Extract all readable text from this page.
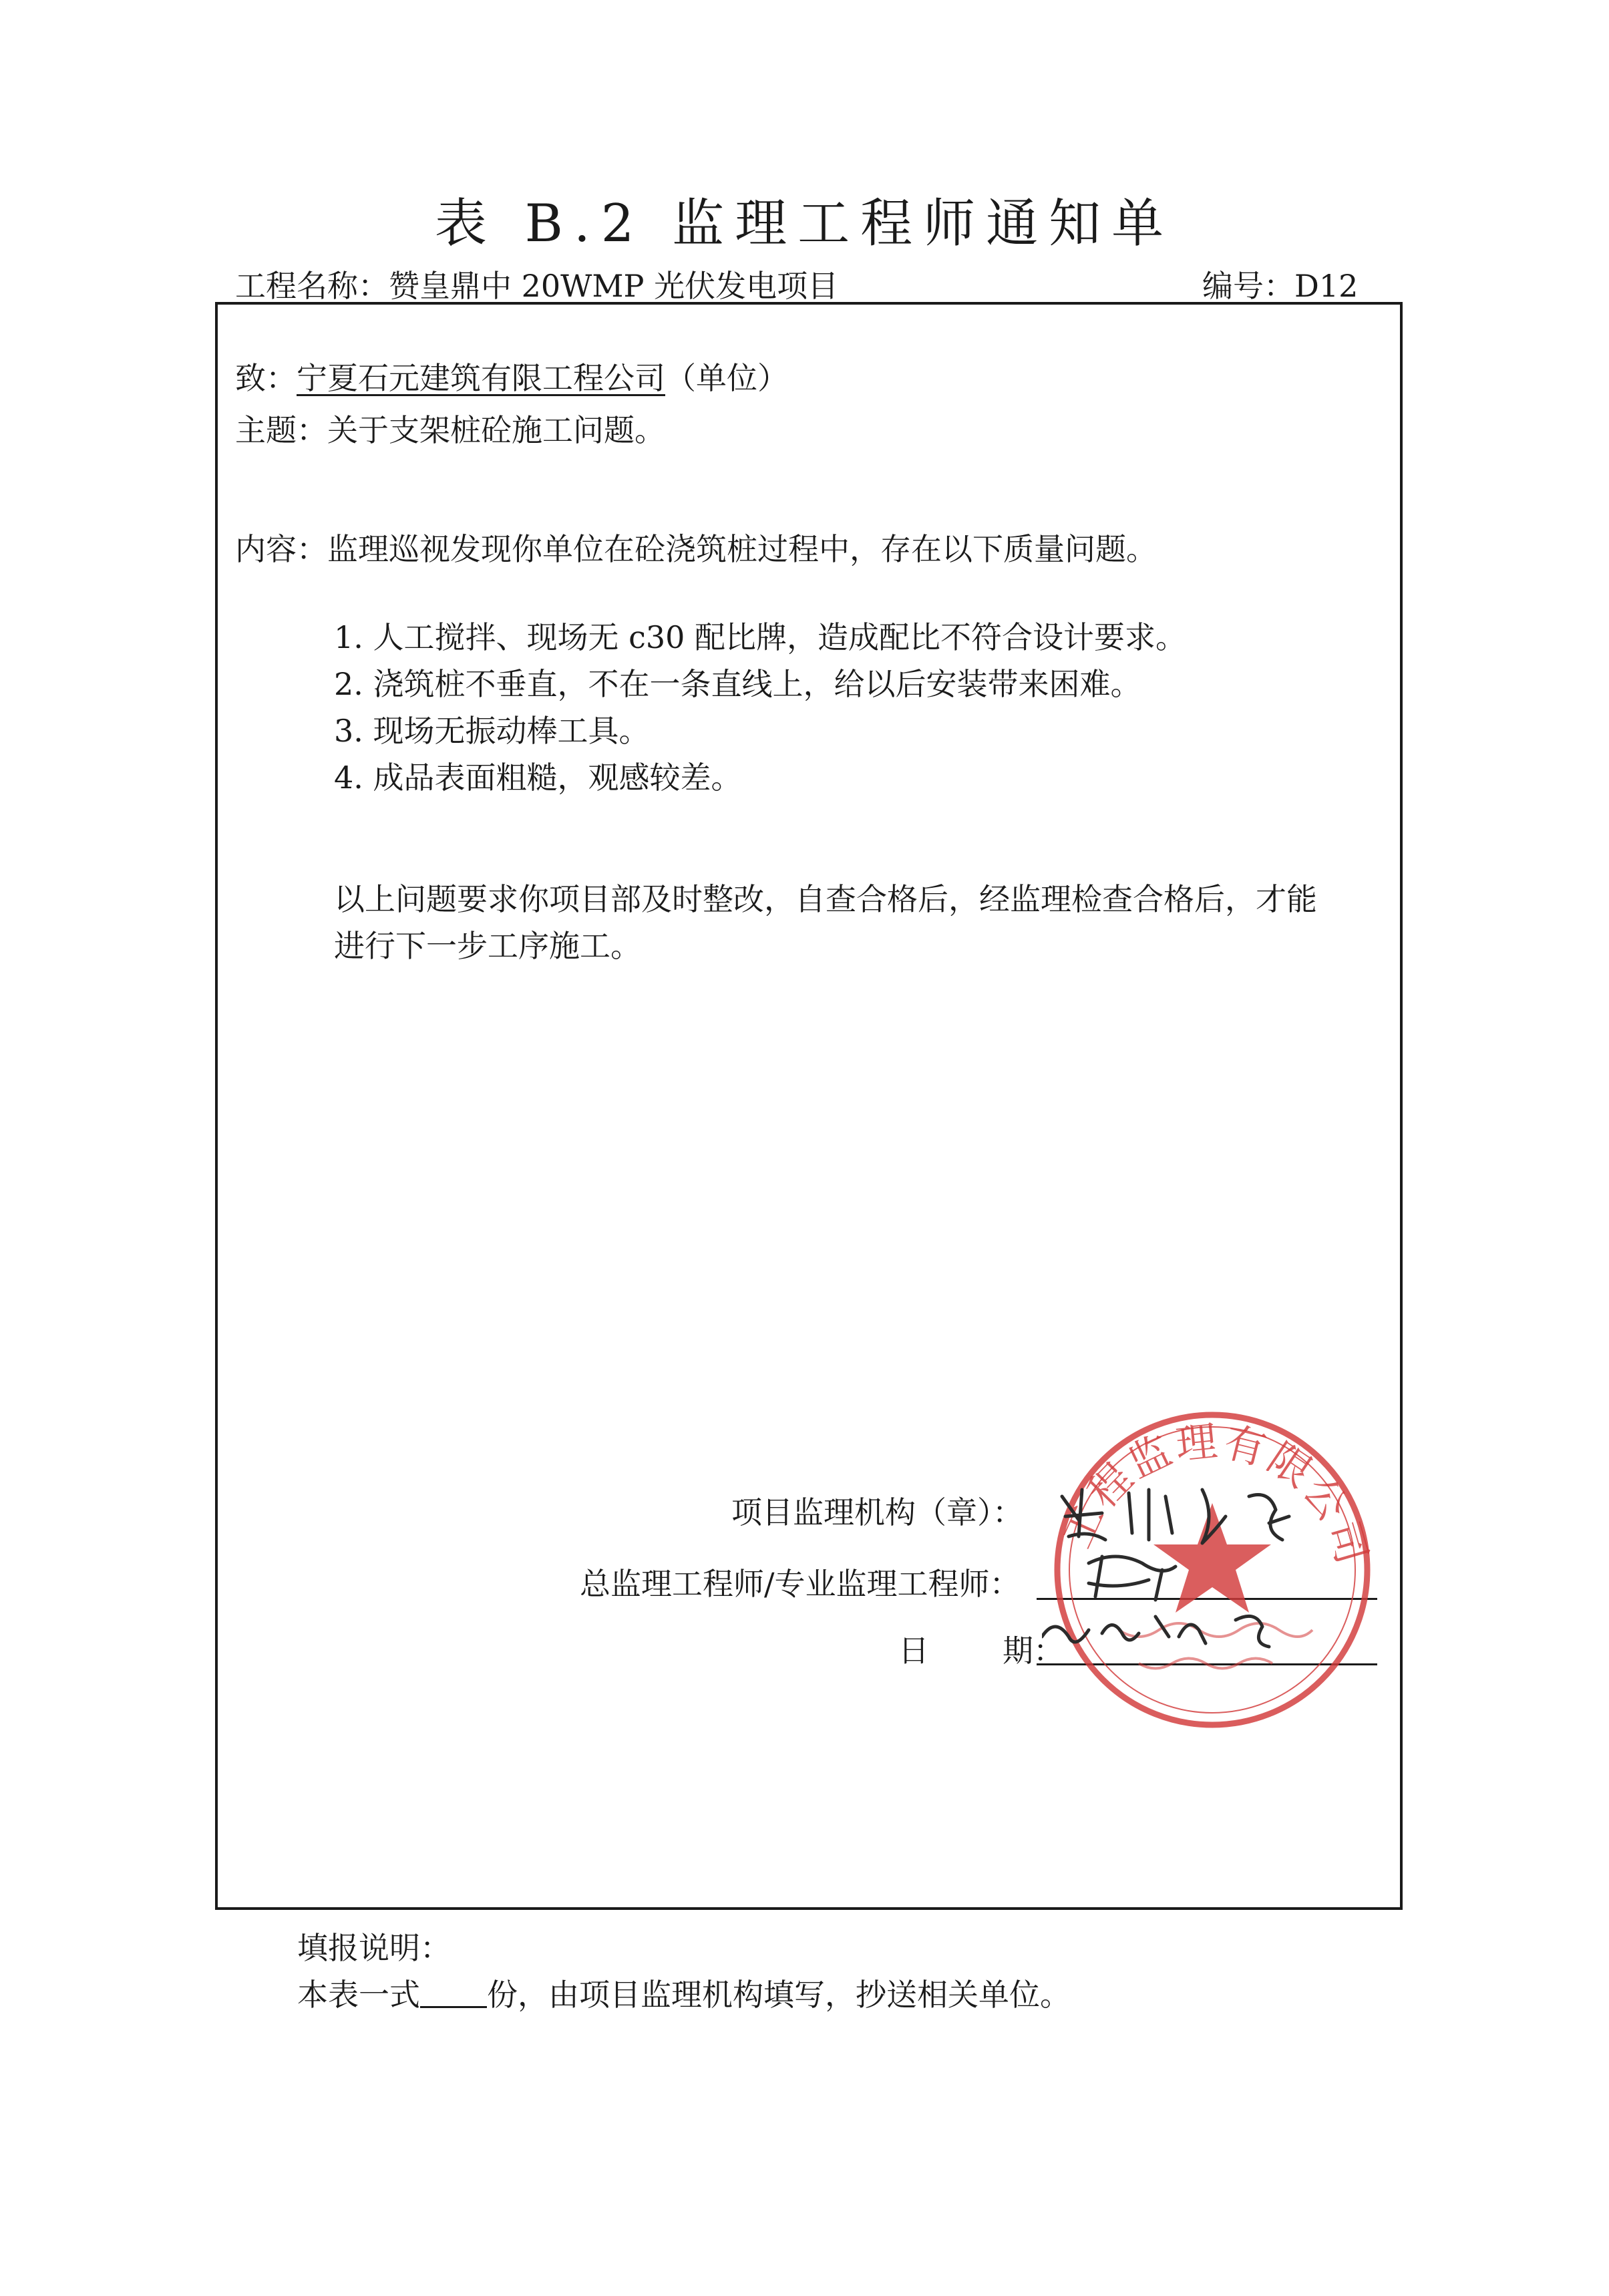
表 B.2 监理工程师通知单
工程名称：赞皇鼎中 20WMP 光伏发电项目	编号：D12
致：宁夏石元建筑有限工程公司（单位）
主题：关于支架桩砼施工问题。
内容：监理巡视发现你单位在砼浇筑桩过程中，存在以下质量问题。
1. 人工搅拌、现场无 c30 配比牌，造成配比不符合设计要求。
2. 浇筑桩不垂直，不在一条直线上，给以后安装带来困难。
3. 现场无振动棒工具。
4. 成品表面粗糙，观感较差。
以上问题要求你项目部及时整改，自查合格后，经监理检查合格后，才能
进行下一步工序施工。
项目监理机构（章）：
总监理工程师/专业监理工程师：
日 期：
工程监理有限公司
填报说明：
本表一式 份，由项目监理机构填写，抄送相关单位。
